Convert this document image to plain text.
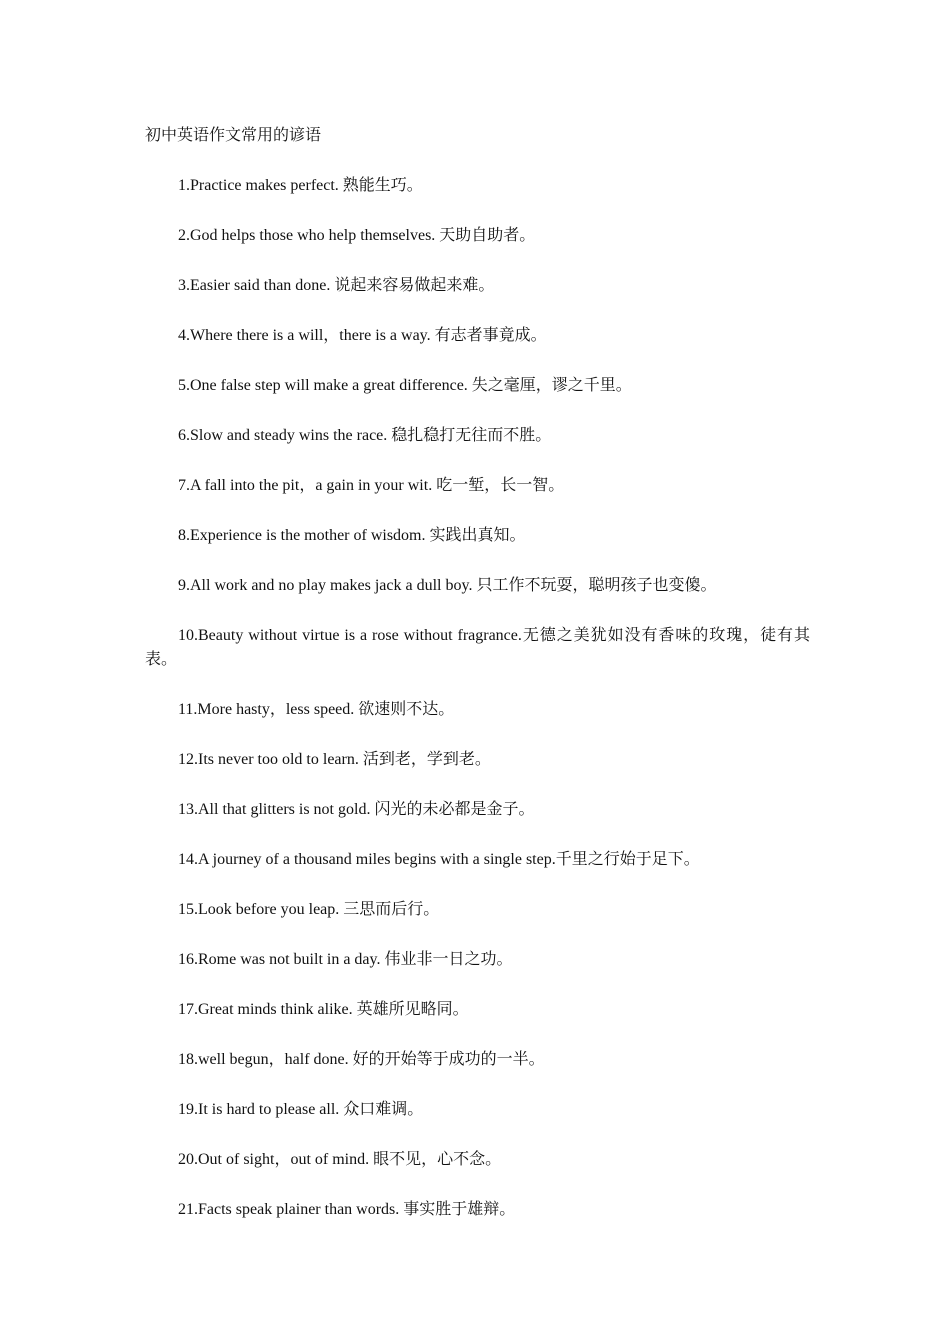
初中英语作文常用的谚语

1.Practice makes perfect. 熟能生巧。

2.God helps those who help themselves. 天助自助者。

3.Easier said than done. 说起来容易做起来难。

4.Where there is a will，there is a way. 有志者事竟成。

5.One false step will make a great difference. 失之毫厘，谬之千里。

6.Slow and steady wins the race. 稳扎稳打无往而不胜。

7.A fall into the pit，a gain in your wit. 吃一堑，长一智。

8.Experience is the mother of wisdom. 实践出真知。

9.All work and no play makes jack a dull boy. 只工作不玩耍，聪明孩子也变傻。

10.Beauty without virtue is a rose without fragrance.无德之美犹如没有香味的玫瑰，徒有其表。

11.More hasty，less speed. 欲速则不达。

12.Its never too old to learn. 活到老，学到老。

13.All that glitters is not gold. 闪光的未必都是金子。

14.A journey of a thousand miles begins with a single step.千里之行始于足下。

15.Look before you leap. 三思而后行。

16.Rome was not built in a day. 伟业非一日之功。

17.Great minds think alike. 英雄所见略同。

18.well begun，half done. 好的开始等于成功的一半。

19.It is hard to please all. 众口难调。

20.Out of sight，out of mind. 眼不见，心不念。

21.Facts speak plainer than words. 事实胜于雄辩。
